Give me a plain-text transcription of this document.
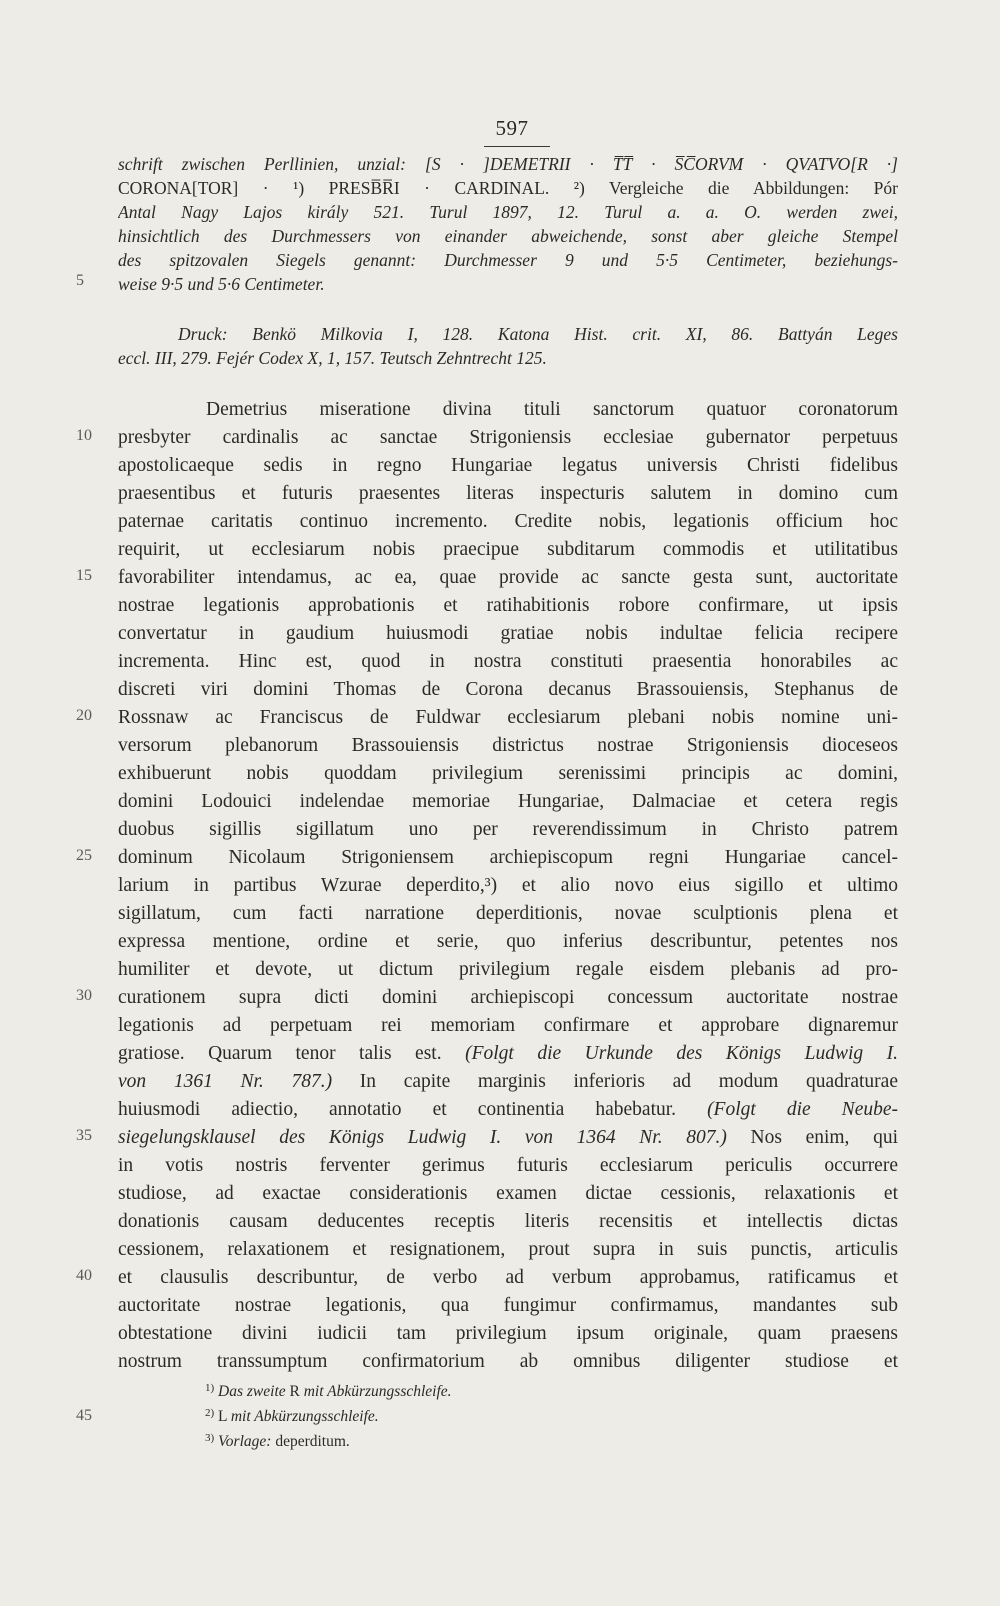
597
schrift zwischen Perllinien, unzial: [S · ]DEMETRII · T̅T̅ · S̅C̅ORVM · QVATVO[R ·]
CORONA[TOR] · ¹) PRESB̅R̅I · CARDINAL. ²) Vergleiche die Abbildungen: Pór
Antal Nagy Lajos király 521. Turul 1897, 12. Turul a. a. O. werden zwei,
hinsichtlich des Durchmessers von einander abweichende, sonst aber gleiche Stempel
des spitzovalen Siegels genannt: Durchmesser 9 und 5·5 Centimeter, beziehungs-
weise 9·5 und 5·6 Centimeter.
Druck: Benkö Milkovia I, 128. Katona Hist. crit. XI, 86. Battyán Leges
eccl. III, 279. Fejér Codex X, 1, 157. Teutsch Zehntrecht 125.
Demetrius miseratione divina tituli sanctorum quatuor coronatorum
presbyter cardinalis ac sanctae Strigoniensis ecclesiae gubernator perpetuus
apostolicaeque sedis in regno Hungariae legatus universis Christi fidelibus
praesentibus et futuris praesentes literas inspecturis salutem in domino cum
paternae caritatis continuo incremento. Credite nobis, legationis officium hoc
requirit, ut ecclesiarum nobis praecipue subditarum commodis et utilitatibus
favorabiliter intendamus, ac ea, quae provide ac sancte gesta sunt, auctoritate
nostrae legationis approbationis et ratihabitionis robore confirmare, ut ipsis
convertatur in gaudium huiusmodi gratiae nobis indultae felicia recipere
incrementa. Hinc est, quod in nostra constituti praesentia honorabiles ac
discreti viri domini Thomas de Corona decanus Brassouiensis, Stephanus de
Rossnaw ac Franciscus de Fuldwar ecclesiarum plebani nobis nomine uni-
versorum plebanorum Brassouiensis districtus nostrae Strigoniensis dioceseos
exhibuerunt nobis quoddam privilegium serenissimi principis ac domini,
domini Lodouici indelendae memoriae Hungariae, Dalmaciae et cetera regis
duobus sigillis sigillatum uno per reverendissimum in Christo patrem
dominum Nicolaum Strigoniensem archiepiscopum regni Hungariae cancel-
larium in partibus Wzurae deperdito,³) et alio novo eius sigillo et ultimo
sigillatum, cum facti narratione deperditionis, novae sculptionis plena et
expressa mentione, ordine et serie, quo inferius describuntur, petentes nos
humiliter et devote, ut dictum privilegium regale eisdem plebanis ad pro-
curationem supra dicti domini archiepiscopi concessum auctoritate nostrae
legationis ad perpetuam rei memoriam confirmare et approbare dignaremur
gratiose. Quarum tenor talis est. (Folgt die Urkunde des Königs Ludwig I.
von 1361 Nr. 787.) In capite marginis inferioris ad modum quadraturae
huiusmodi adiectio, annotatio et continentia habebatur. (Folgt die Neube-
siegelungsklausel des Königs Ludwig I. von 1364 Nr. 807.) Nos enim, qui
in votis nostris ferventer gerimus futuris ecclesiarum periculis occurrere
studiose, ad exactae considerationis examen dictae cessionis, relaxationis et
donationis causam deducentes receptis literis recensitis et intellectis dictas
cessionem, relaxationem et resignationem, prout supra in suis punctis, articulis
et clausulis describuntur, de verbo ad verbum approbamus, ratificamus et
auctoritate nostrae legationis, qua fungimur confirmamus, mandantes sub
obtestatione divini iudicii tam privilegium ipsum originale, quam praesens
nostrum transsumptum confirmatorium ab omnibus diligenter studiose et
5
10
15
20
25
30
35
40
45
$^{1)}$ Das zweite R mit Abkürzungsschleife.
$^{2)}$ L mit Abkürzungsschleife.
$^{3)}$ Vorlage: deperditum.
